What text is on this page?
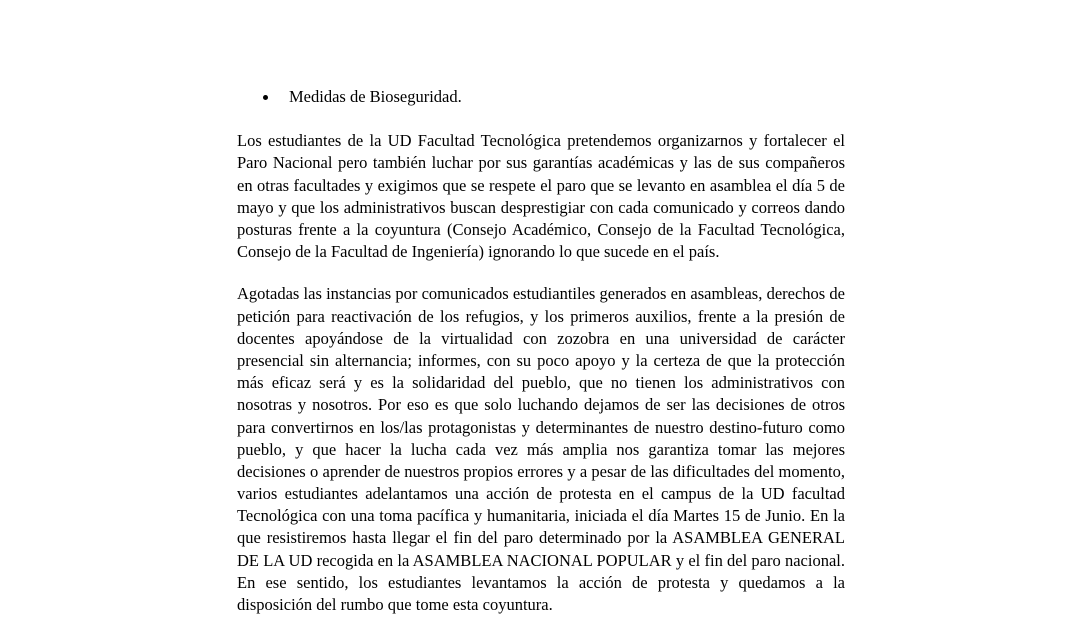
Medidas de Bioseguridad.

Los estudiantes de la UD Facultad Tecnológica pretendemos organizarnos y fortalecer el Paro Nacional pero también luchar por sus garantías académicas y las de sus compañeros en otras facultades y exigimos que se respete el paro que se levanto en asamblea el día 5 de mayo y que los administrativos buscan desprestigiar con cada comunicado y correos dando posturas frente a la coyuntura (Consejo Académico, Consejo de la Facultad Tecnológica, Consejo de la Facultad de Ingeniería) ignorando lo que sucede en el país.

Agotadas las instancias por comunicados estudiantiles generados en asambleas, derechos de petición para reactivación de los refugios, y los primeros auxilios, frente a la presión de docentes apoyándose de la virtualidad con zozobra en una universidad de carácter presencial sin alternancia; informes, con su poco apoyo y la certeza de que la protección más eficaz será y es la solidaridad del pueblo, que no tienen los administrativos con nosotras y nosotros. Por eso es que solo luchando dejamos de ser las decisiones de otros para convertirnos en los/las protagonistas y determinantes de nuestro destino-futuro como pueblo, y que hacer la lucha cada vez más amplia nos garantiza tomar las mejores decisiones o aprender de nuestros propios errores y a pesar de las dificultades del momento, varios estudiantes adelantamos una acción de protesta en el campus de la UD facultad Tecnológica con una toma pacífica y humanitaria, iniciada el día Martes 15 de Junio. En la que resistiremos hasta llegar el fin del paro determinado por la ASAMBLEA GENERAL DE LA UD recogida en la ASAMBLEA NACIONAL POPULAR y el fin del paro nacional. En ese sentido, los estudiantes levantamos la acción de protesta y quedamos a la disposición del rumbo que tome esta coyuntura.
